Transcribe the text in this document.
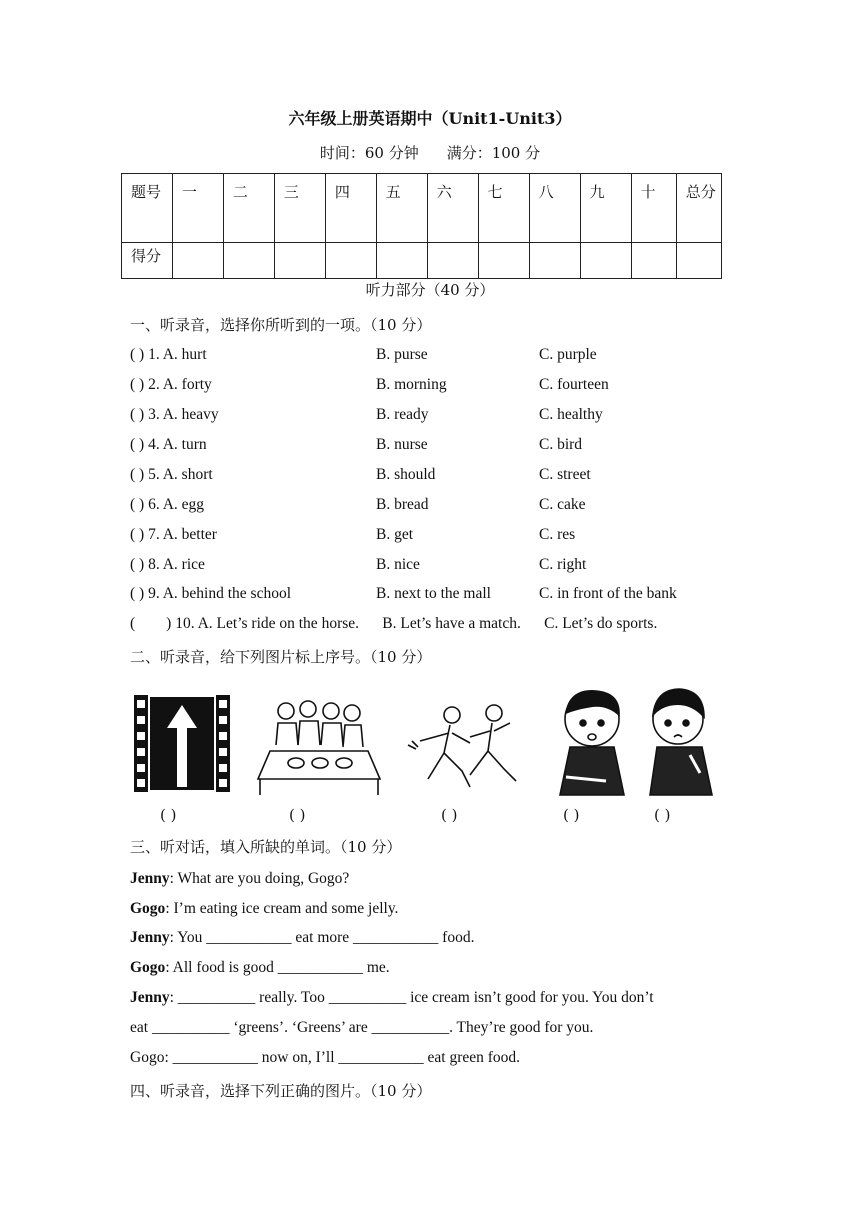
六年级上册英语期中（Unit1-Unit3）
时间：60 分钟 满分：100 分
题号	一	二	三	四	五	六	七	八	九	十	总分
得分											
听力部分（40 分）
一、听录音，选择你所听到的一项。（10 分）
( ) 1. A. hurt	B. purse	C. purple
( ) 2. A. forty	B. morning	C. fourteen
( ) 3. A. heavy	B. ready	C. healthy
( ) 4. A. turn	B. nurse	C. bird
( ) 5. A. short	B. should	C. street
( ) 6. A. egg	B. bread	C. cake
( ) 7. A. better	B. get	C. res
( ) 8. A. rice	B. nice	C. right
( ) 9. A. behind the school	B. next to the mall	C. in front of the bank
(        ) 10. A. Let’s ride on the horse.      B. Let’s have a match.      C. Let’s do sports.
二、听录音，给下列图片标上序号。（10 分）
( )	( )	( )	( )	( )
三、听对话，填入所缺的单词。（10 分）
Jenny: What are you doing, Gogo?
Gogo: I’m eating ice cream and some jelly.
Jenny: You ___________ eat more ___________ food.
Gogo: All food is good ___________ me.
Jenny: __________ really. Too __________ ice cream isn’t good for you. You don’t
eat __________ ‘greens’. ‘Greens’ are __________. They’re good for you.
Gogo: ___________ now on, I’ll ___________ eat green food.
四、听录音，选择下列正确的图片。（10 分）
